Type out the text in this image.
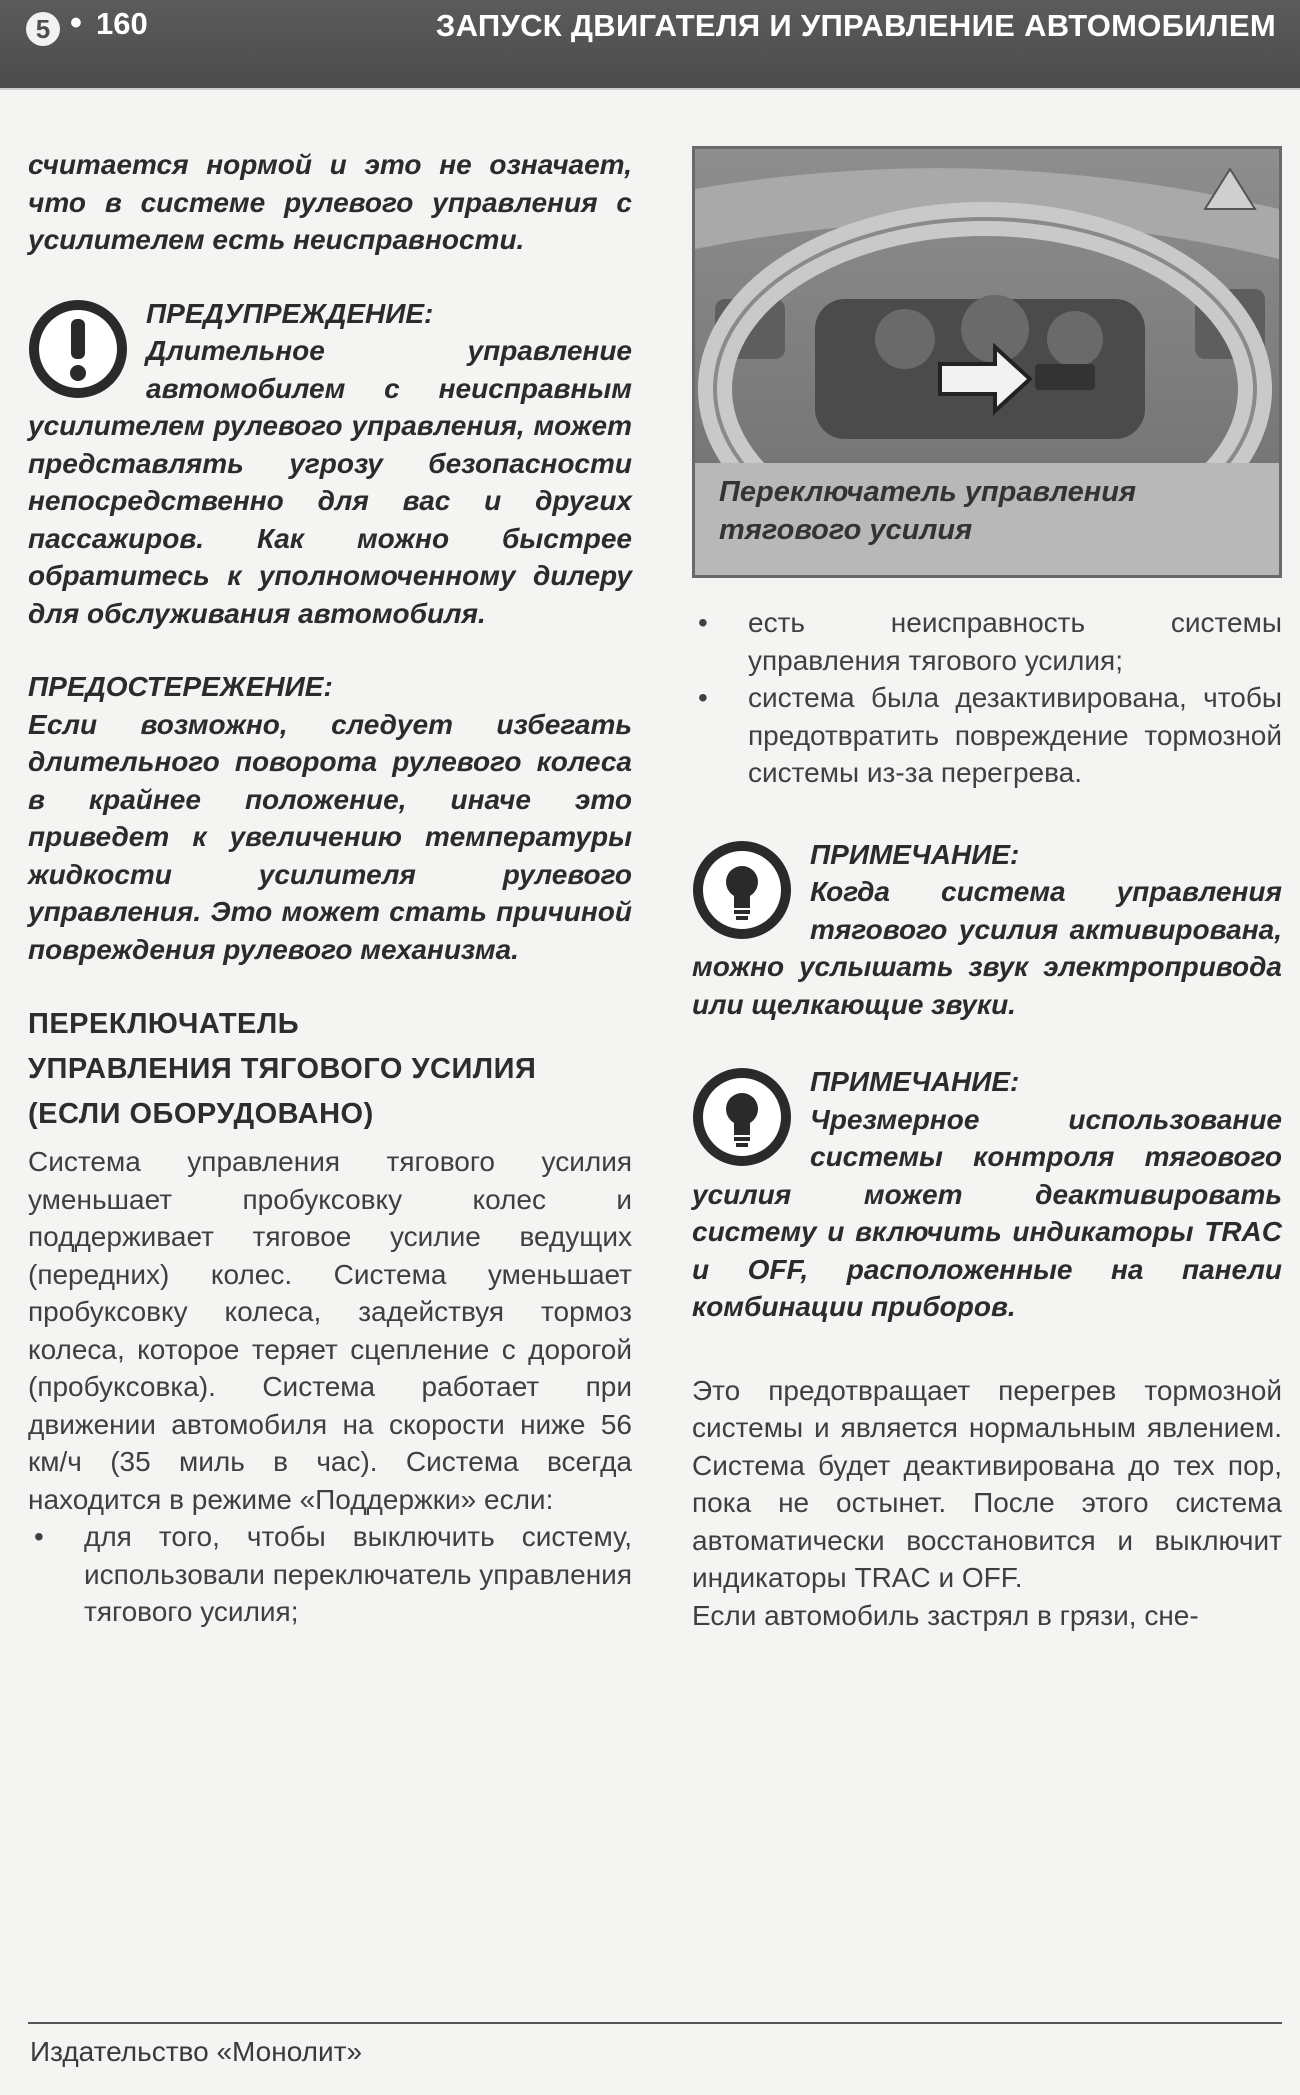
5 • 160	ЗАПУСК ДВИГАТЕЛЯ И УПРАВЛЕНИЕ АВТОМОБИЛЕМ

считается нормой и это не означает, что в системе рулевого управления с усилителем есть неисправности.

ПРЕДУПРЕЖДЕНИЕ:

Длительное управление автомобилем с неисправным усилителем рулевого управления, может представлять угрозу безопасности непосредственно для вас и других пассажиров. Как можно быстрее обратитесь к уполномоченному дилеру для обслуживания автомобиля.

ПРЕДОСТЕРЕЖЕНИЕ:

Если возможно, следует избегать длительного поворота рулевого колеса в крайнее положение, иначе это приведет к увеличению температуры жидкости усилителя рулевого управления. Это может стать причиной повреждения рулевого механизма.

ПЕРЕКЛЮЧАТЕЛЬ

УПРАВЛЕНИЯ ТЯГОВОГО УСИЛИЯ

(ЕСЛИ ОБОРУДОВАНО)

Система управления тягового усилия уменьшает пробуксовку колес и поддерживает тяговое усилие ведущих (передних) колес. Система уменьшает пробуксовку колеса, задействуя тормоз колеса, которое теряет сцепление с дорогой (пробуксовка). Система работает при движении автомобиля на скорости ниже 56 км/ч (35 миль в час). Система всегда находится в режиме «Поддержки» если:

• для того, чтобы выключить систему, использовали переключатель управления тягового усилия;
Переключатель управления тягового усилия
• есть неисправность системы управления тягового усилия;
• система была дезактивирована, чтобы предотвратить повреждение тормозной системы из-за перегрева.

ПРИМЕЧАНИЕ:

Когда система управления тягового усилия активирована, можно услышать звук электропривода или щелкающие звуки.

ПРИМЕЧАНИЕ:

Чрезмерное использование системы контроля тягового усилия может деактивировать систему и включить индикаторы TRAC и OFF, расположенные на панели комбинации приборов.

Это предотвращает перегрев тормозной системы и является нормальным явлением. Система будет деактивирована до тех пор, пока не остынет. После этого система автоматически восстановится и выключит индикаторы TRAC и OFF.

Если автомобиль застрял в грязи, сне-

Издательство «Монолит»
